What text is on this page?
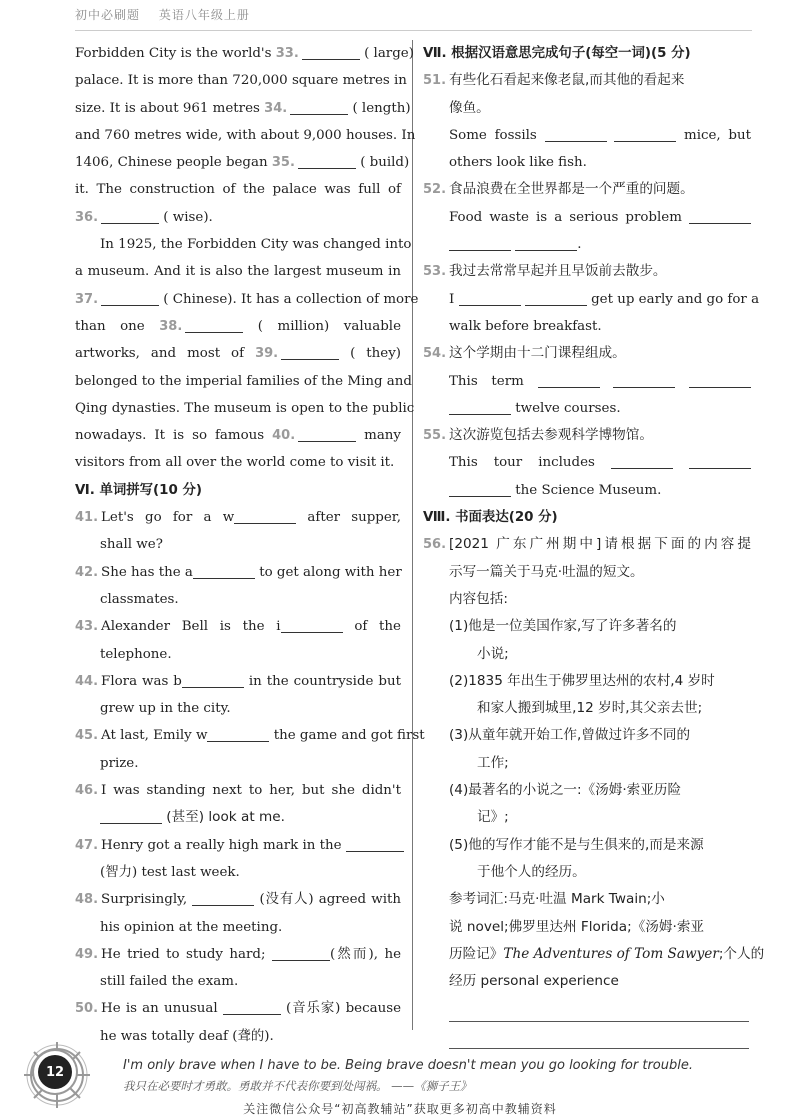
初中必刷题 英语八年级上册
Forbidden City is the world's 33.	( large)
palace. It is more than 720,000 square metres in
size. It is about 961 metres 34.	( length)
and 760 metres wide, with about 9,000 houses. In
1406, Chinese people began 35.	( build)
it. The construction of the palace was full of
36.	( wise).
In 1925, the Forbidden City was changed into
a museum. And it is also the largest museum in
37.	( Chinese). It has a collection of more
than one 38.	( million) valuable
artworks, and most of 39.	( they)
belonged to the imperial families of the Ming and
Qing dynasties. The museum is open to the public
nowadays. It is so famous 40.	many
visitors from all over the world come to visit it.
Ⅵ. 单词拼写(10 分)
41. Let's go for a w	after supper,
shall we?
42. She has the a	to get along with her
classmates.
43. Alexander Bell is the i	of the
telephone.
44. Flora was b	in the countryside but
grew up in the city.
45. At last, Emily w	the game and got first
prize.
46. I was standing next to her, but she didn't
(甚至) look at me.
47. Henry got a really high mark in the
(智力) test last week.
48. Surprisingly,	(没有人) agreed with
his opinion at the meeting.
49. He tried to study hard;	(然而), he
still failed the exam.
50. He is an unusual	(音乐家) because
he was totally deaf (聋的).
Ⅶ. 根据汉语意思完成句子(每空一词)(5 分)
51. 有些化石看起来像老鼠,而其他的看起来
像鱼。
Some fossils	mice, but
others look like fish.
52. 食品浪费在全世界都是一个严重的问题。
Food waste is a serious problem
.
53. 我过去常常早起并且早饭前去散步。
I	get up early and go for a
walk before breakfast.
54. 这个学期由十二门课程组成。
This term
twelve courses.
55. 这次游览包括去参观科学博物馆。
This tour includes
the Science Museum.
Ⅷ. 书面表达(20 分)
56. [2021 广东广州期中]请根据下面的内容提
示写一篇关于马克·吐温的短文。
内容包括:
(1)他是一位美国作家,写了许多著名的
小说;
(2)1835 年出生于佛罗里达州的农村,4 岁时
和家人搬到城里,12 岁时,其父亲去世;
(3)从童年就开始工作,曾做过许多不同的
工作;
(4)最著名的小说之一:《汤姆·索亚历险
记》;
(5)他的写作才能不是与生俱来的,而是来源
于他个人的经历。
参考词汇:马克·吐温 Mark Twain;小
说 novel;佛罗里达州 Florida;《汤姆·索亚
历险记》The Adventures of Tom Sawyer;个人的
经历 personal experience
12	I'm only brave when I have to be. Being brave doesn't mean you go looking for trouble.
我只在必要时才勇敢。勇敢并不代表你要到处闯祸。 ——《狮子王》
关注微信公众号“初高教辅站”获取更多初高中教辅资料
